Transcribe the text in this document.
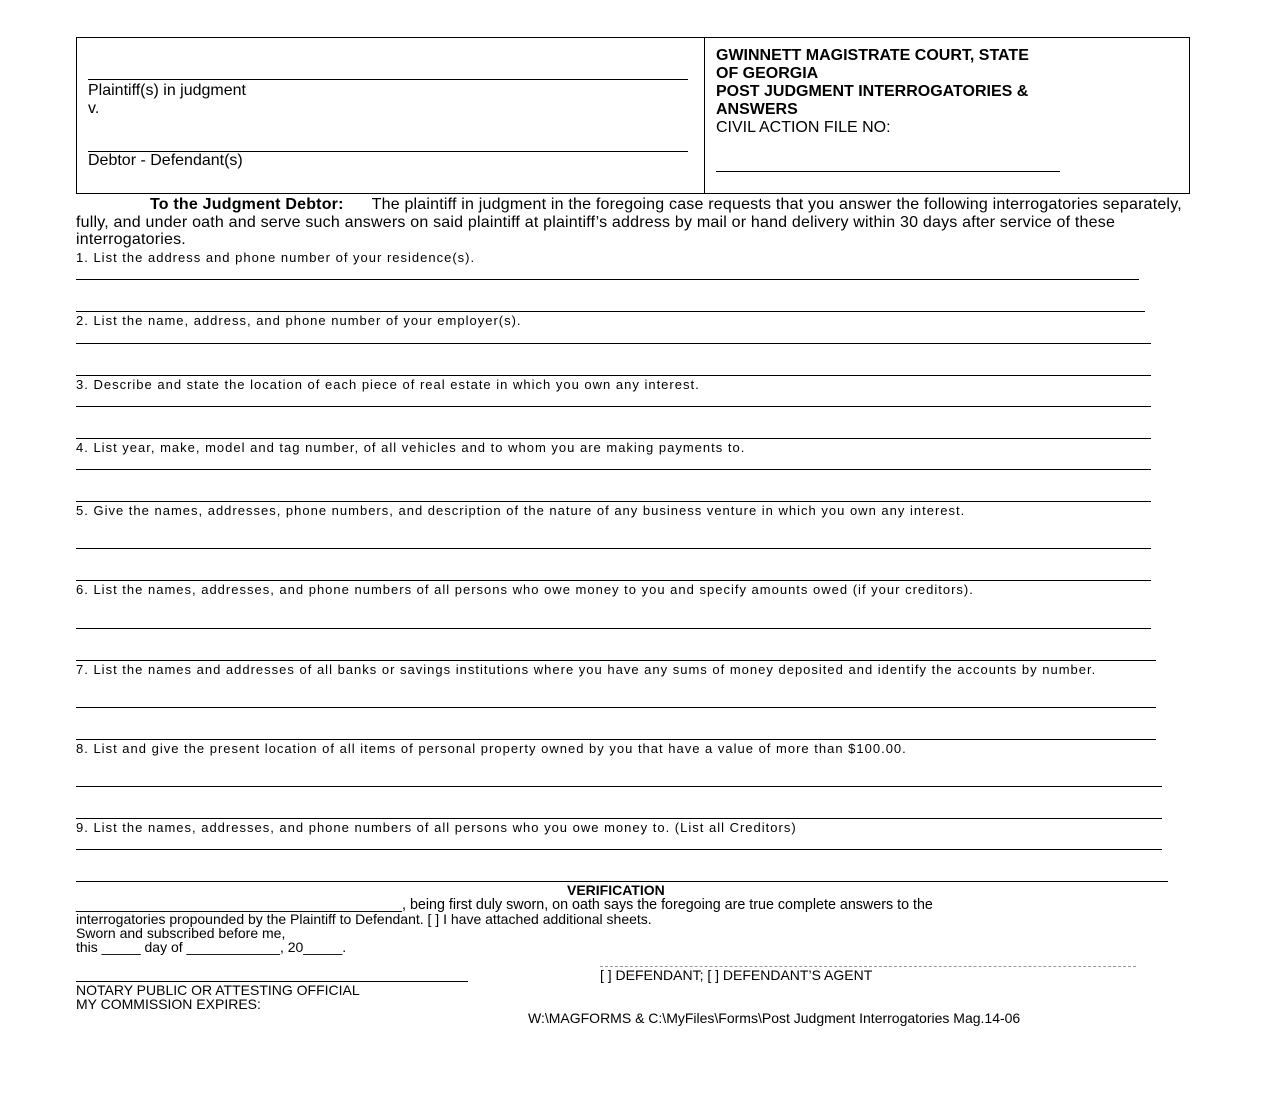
Plaintiff(s) in judgment
v.
Debtor - Defendant(s)
GWINNETT MAGISTRATE COURT, STATE
OF GEORGIA
POST JUDGMENT INTERROGATORIES &
ANSWERS
CIVIL ACTION FILE NO:
To the Judgment Debtor: The plaintiff in judgment in the foregoing case requests that you answer the following interrogatories separately, fully, and under oath and serve such answers on said plaintiff at plaintiff’s address by mail or hand delivery within 30 days after service of these interrogatories.
1. List the address and phone number of your residence(s).
2. List the name, address, and phone number of your employer(s).
3. Describe and state the location of each piece of real estate in which you own any interest.
4. List year, make, model and tag number, of all vehicles and to whom you are making payments to.
5. Give the names, addresses, phone numbers, and description of the nature of any business venture in which you own any interest.
6. List the names, addresses, and phone numbers of all persons who owe money to you and specify amounts owed (if your creditors).
7. List the names and addresses of all banks or savings institutions where you have any sums of money deposited and identify the accounts by number.
8. List and give the present location of all items of personal property owned by you that have a value of more than $100.00.
9. List the names, addresses, and phone numbers of all persons who you owe money to. (List all Creditors)
VERIFICATION
_________________________________________, being first duly sworn, on oath says the foregoing are true complete answers to the
interrogatories propounded by the Plaintiff to Defendant. [ ] I have attached additional sheets.
Sworn and subscribed before me,
this _____ day of ____________, 20_____.
[ ] DEFENDANT; [ ] DEFENDANT’S AGENT
NOTARY PUBLIC OR ATTESTING OFFICIAL
MY COMMISSION EXPIRES:
W:\MAGFORMS & C:\MyFiles\Forms\Post Judgment Interrogatories Mag.14-06
